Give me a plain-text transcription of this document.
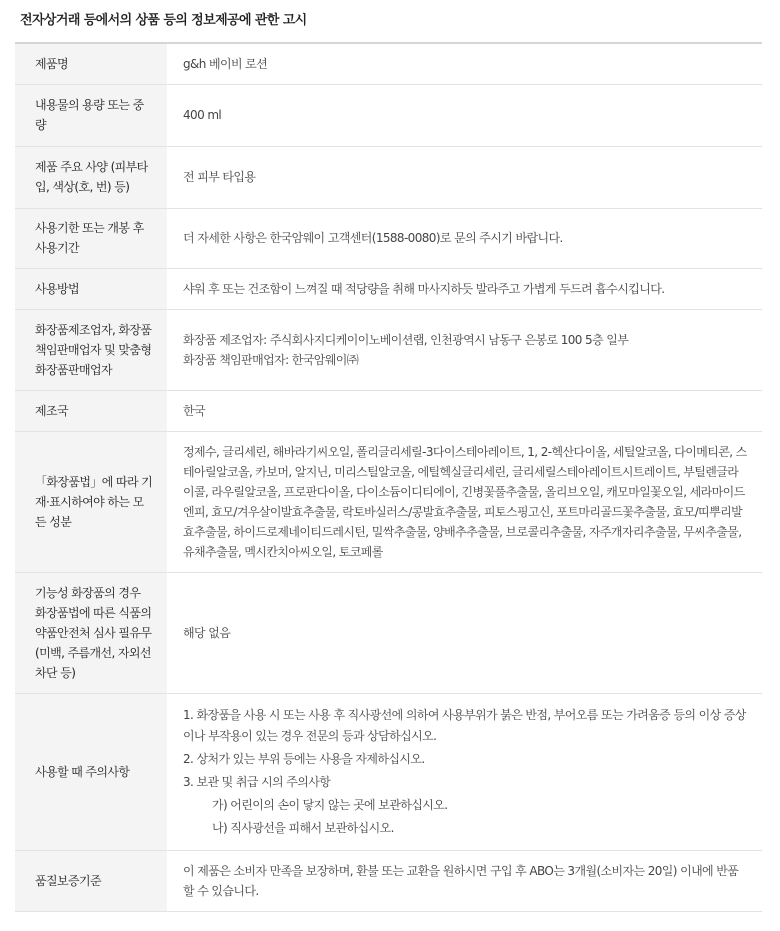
전자상거래 등에서의 상품 등의 정보제공에 관한 고시
제품명	g&h 베이비 로션
내용물의 용량 또는 중량	400 ml
제품 주요 사양 (피부타입, 색상(호, 번) 등)	전 피부 타입용
사용기한 또는 개봉 후 사용기간	더 자세한 사항은 한국암웨이 고객센터(1588-0080)로 문의 주시기 바랍니다.
사용방법	샤워 후 또는 건조함이 느껴질 때 적당량을 취해 마사지하듯 발라주고 가볍게 두드려 흡수시킵니다.
화장품제조업자, 화장품책임판매업자 및 맞춤형화장품판매업자	화장품 제조업자: 주식회사지디케이이노베이션랩, 인천광역시 남동구 은봉로 100 5층 일부
화장품 책임판매업자: 한국암웨이㈜

제조국	한국
「화장품법」에 따라 기재·표시하여야 하는 모든 성분	정제수, 글리세린, 해바라기씨오일, 폴리글리세릴-3다이스테아레이트, 1, 2-헥산다이올, 세틸알코올, 다이메티콘, 스테아릴알코올, 카보머, 알지닌, 미리스틸알코올, 에틸헥실글리세린, 글리세릴스테아레이트시트레이트, 부틸렌글라이콜, 라우릴알코올, 프로판다이올, 다이소듐이디티에이, 긴병꽃풀추출물, 올리브오일, 캐모마일꽃오일, 세라마이드엔피, 효모/겨우살이발효추출물, 락토바실러스/콩발효추출물, 피토스핑고신, 포트마리골드꽃추출물, 효모/띠뿌리발효추출물, 하이드로제네이티드레시틴, 밀싹추출물, 양배추추출물, 브로콜리추출물, 자주개자리추출물, 무씨추출물, 유채추출물, 멕시칸치아씨오일, 토코페롤
기능성 화장품의 경우 화장품법에 따른 식품의약품안전처 심사 필유무 (미백, 주름개선, 자외선차단 등)	해당 없음
사용할 때 주의사항	1. 화장품을 사용 시 또는 사용 후 직사광선에 의하여 사용부위가 붉은 반점, 부어오름 또는 가려움증 등의 이상 증상이나 부작용이 있는 경우 전문의 등과 상담하십시오.

2. 상처가 있는 부위 등에는 사용을 자제하십시오.

3. 보관 및 취급 시의 주의사항

가) 어린이의 손이 닿지 않는 곳에 보관하십시오.

나) 직사광선을 피해서 보관하십시오.

품질보증기준	이 제품은 소비자 만족을 보장하며, 환불 또는 교환을 원하시면 구입 후 ABO는 3개월(소비자는 20일) 이내에 반품할 수 있습니다.
